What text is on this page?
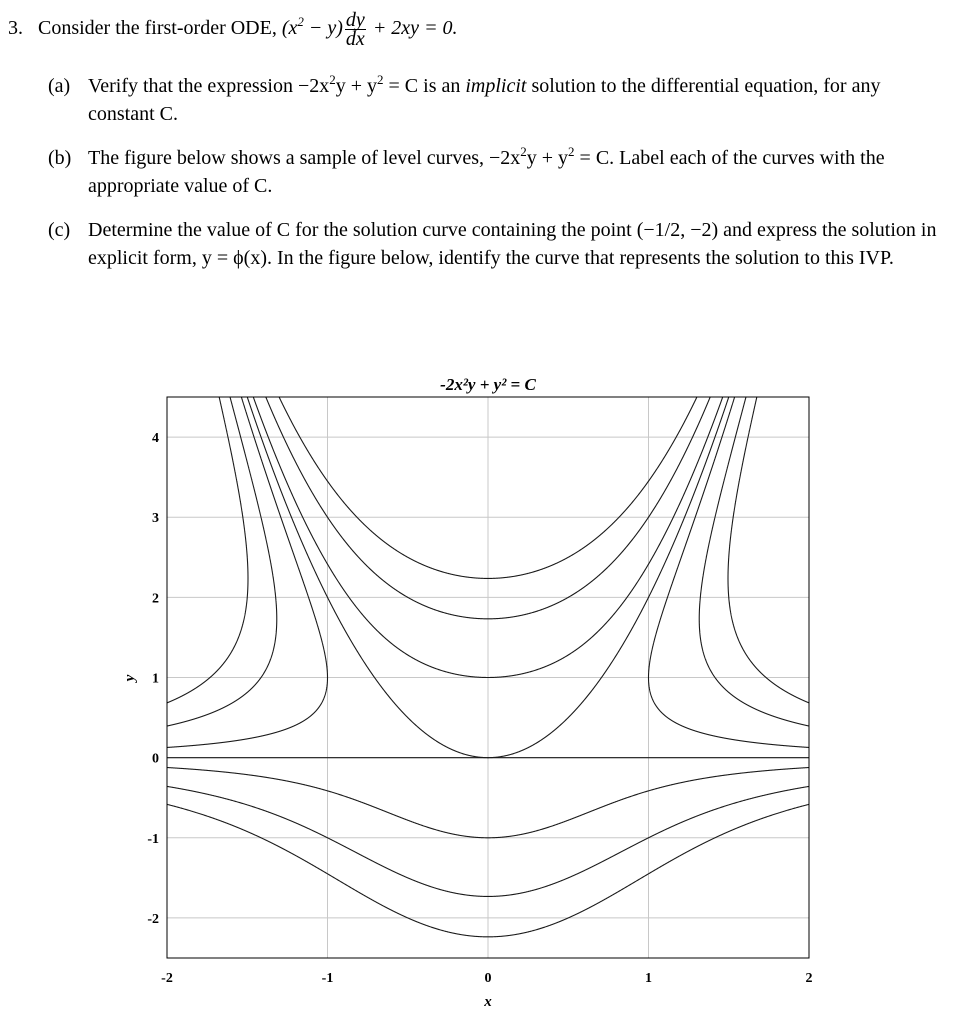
3. Consider the first-order ODE, $(x^2 - y) \frac{dy}{dx} + 2xy = 0$.
(a) Verify that the expression $-2x^2y + y^2 = C$ is an implicit solution to the differential equation, for any constant C.
(b) The figure below shows a sample of level curves, $-2x^2y + y^2 = C$. Label each of the curves with the appropriate value of C.
(c) Determine the value of C for the solution curve containing the point (−1/2, −2) and express the solution in explicit form, y = ϕ(x). In the figure below, identify the curve that represents the solution to this IVP.
-2	-1	0	1	2
4
3
2
1
0
-1
-2
-2x²y + y² = C
x
y
